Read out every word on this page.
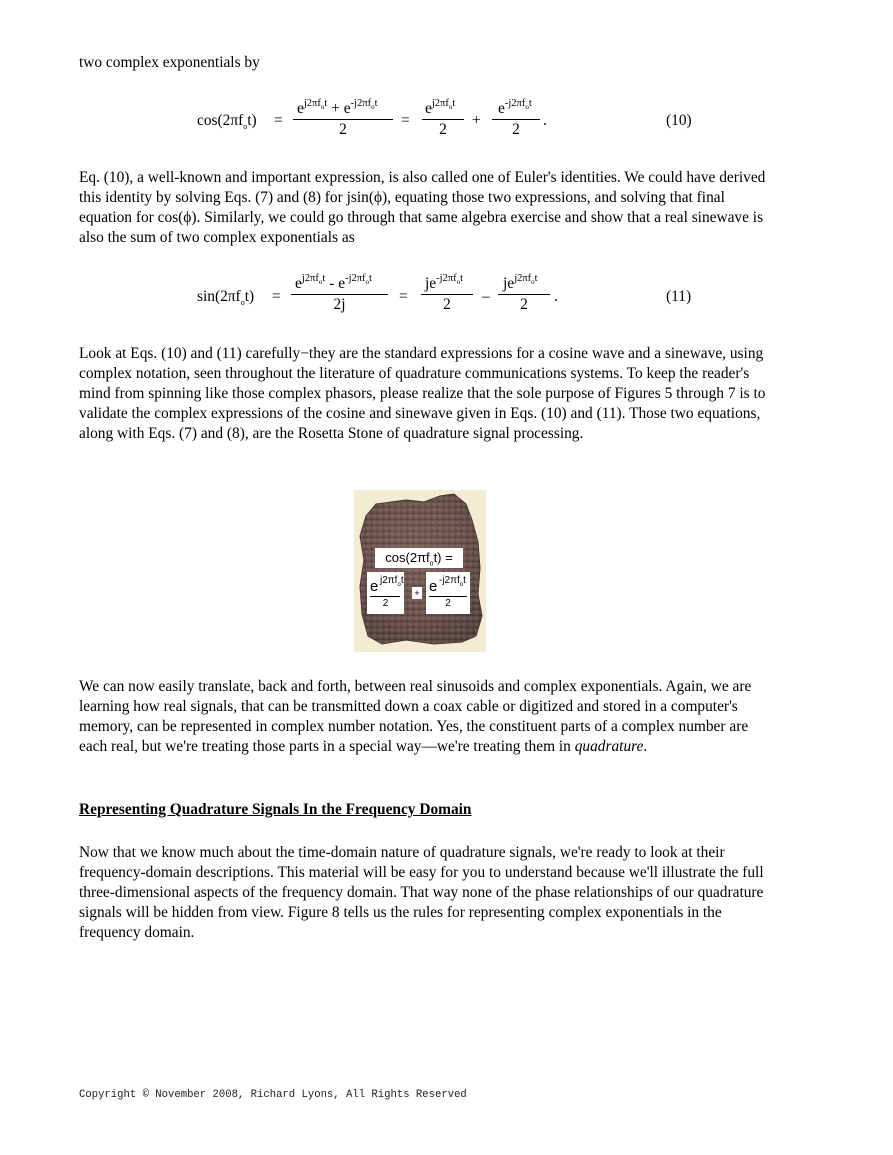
two complex exponentials by

$\cos(2\pi f_ot)$ =
$e^{j2\pi f_ot} + e^{-j2\pi f_ot}$
2
=
$e^{j2\pi f_ot}$
2
+
$e^{-j2\pi f_ot}$
2
.	(10)

Eq. (10), a well-known and important expression, is also called one of Euler's identities. We could have derived this identity by solving Eqs. (7) and (8) for jsin(ϕ), equating those two expressions, and solving that final equation for cos(ϕ). Similarly, we could go through that same algebra exercise and show that a real sinewave is also the sum of two complex exponentials as

$\sin(2\pi f_ot)$ =
$e^{j2\pi f_ot} - e^{-j2\pi f_ot}$
2j	=
$je^{-j2\pi f_ot}$
2	–
$je^{j2\pi f_ot}$
2	.	(11)

Look at Eqs. (10) and (11) carefully−they are the standard expressions for a cosine wave and a sinewave, using complex notation, seen throughout the literature of quadrature communications systems. To keep the reader's mind from spinning like those complex phasors, please realize that the sole purpose of Figures 5 through 7 is to validate the complex expressions of the cosine and sinewave given in Eqs. (10) and (11). Those two equations, along with Eqs. (7) and (8), are the Rosetta Stone of quadrature signal processing.

$\cos(2\pi f_ot)$ =
e $j2\pi f_ot$
2
+ e $-j2\pi f_ot$
2

We can now easily translate, back and forth, between real sinusoids and complex exponentials. Again, we are learning how real signals, that can be transmitted down a coax cable or digitized and stored in a computer's memory, can be represented in complex number notation. Yes, the constituent parts of a complex number are each real, but we're treating those parts in a special way—we're treating them in quadrature.

Representing Quadrature Signals In the Frequency Domain

Now that we know much about the time-domain nature of quadrature signals, we're ready to look at their frequency-domain descriptions. This material will be easy for you to understand because we'll illustrate the full three-dimensional aspects of the frequency domain. That way none of the phase relationships of our quadrature signals will be hidden from view. Figure 8 tells us the rules for representing complex exponentials in the frequency domain.

Copyright © November 2008, Richard Lyons, All Rights Reserved
